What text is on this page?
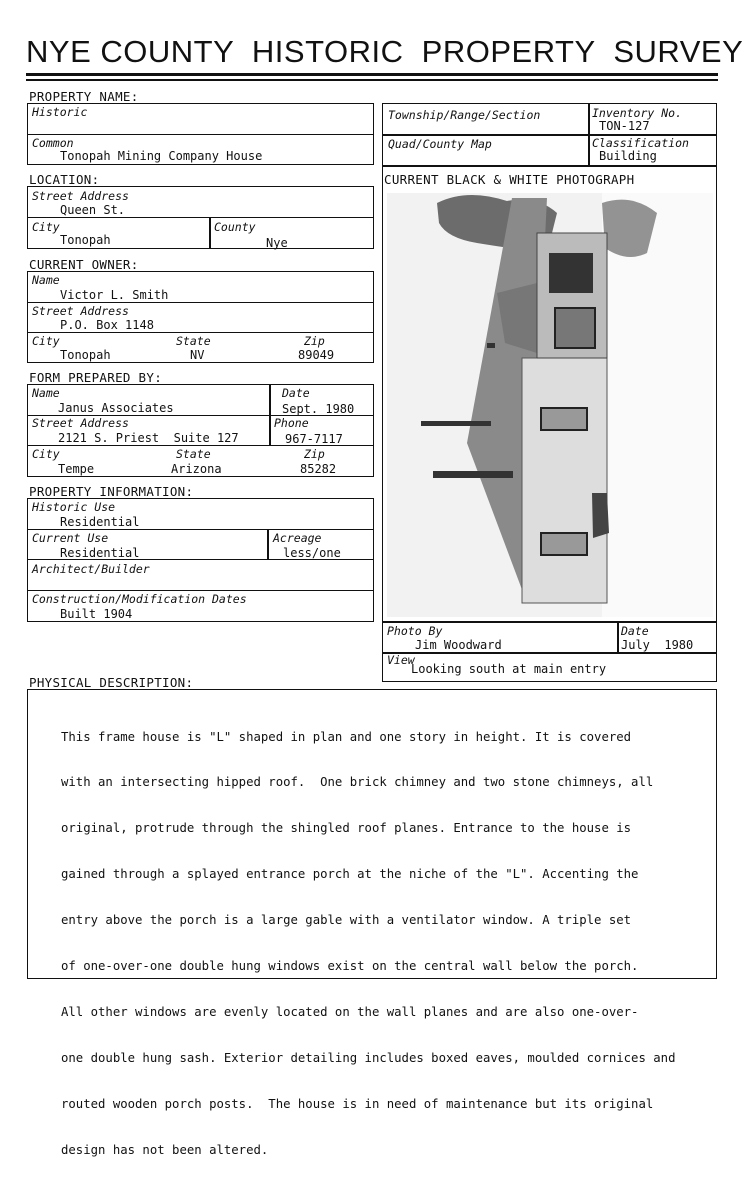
NYE COUNTY  HISTORIC  PROPERTY  SURVEY
PROPERTY NAME:
Historic
Common
Tonopah Mining Company House
LOCATION:
Street Address
Queen St.
City
Tonopah
County
Nye
CURRENT OWNER:
Name
Victor L. Smith
Street Address
P.O. Box 1148
City
Tonopah
State
NV
Zip
89049
FORM PREPARED BY:
Name
Janus Associates
Street Address
2121 S. Priest  Suite 127
Date
Sept. 1980
Phone
967-7117
City
Tempe
State
Arizona
Zip
85282
PROPERTY INFORMATION:
Historic Use
Residential
Current Use
Residential
Acreage
less/one
Architect/Builder
Construction/Modification Dates
Built 1904
Township/Range/Section	Inventory No.
TON-127
Quad/County Map	Classification
Building
CURRENT BLACK & WHITE PHOTOGRAPH
Photo By
Jim Woodward
Date
July  1980
View
Looking south at main entry
PHYSICAL DESCRIPTION:

This frame house is "L" shaped in plan and one story in height. It is covered

with an intersecting hipped roof.  One brick chimney and two stone chimneys, all

original, protrude through the shingled roof planes. Entrance to the house is

gained through a splayed entrance porch at the niche of the "L". Accenting the

entry above the porch is a large gable with a ventilator window. A triple set

of one-over-one double hung windows exist on the central wall below the porch.

All other windows are evenly located on the wall planes and are also one-over-

one double hung sash. Exterior detailing includes boxed eaves, moulded cornices and

routed wooden porch posts.  The house is in need of maintenance but its original

design has not been altered.
